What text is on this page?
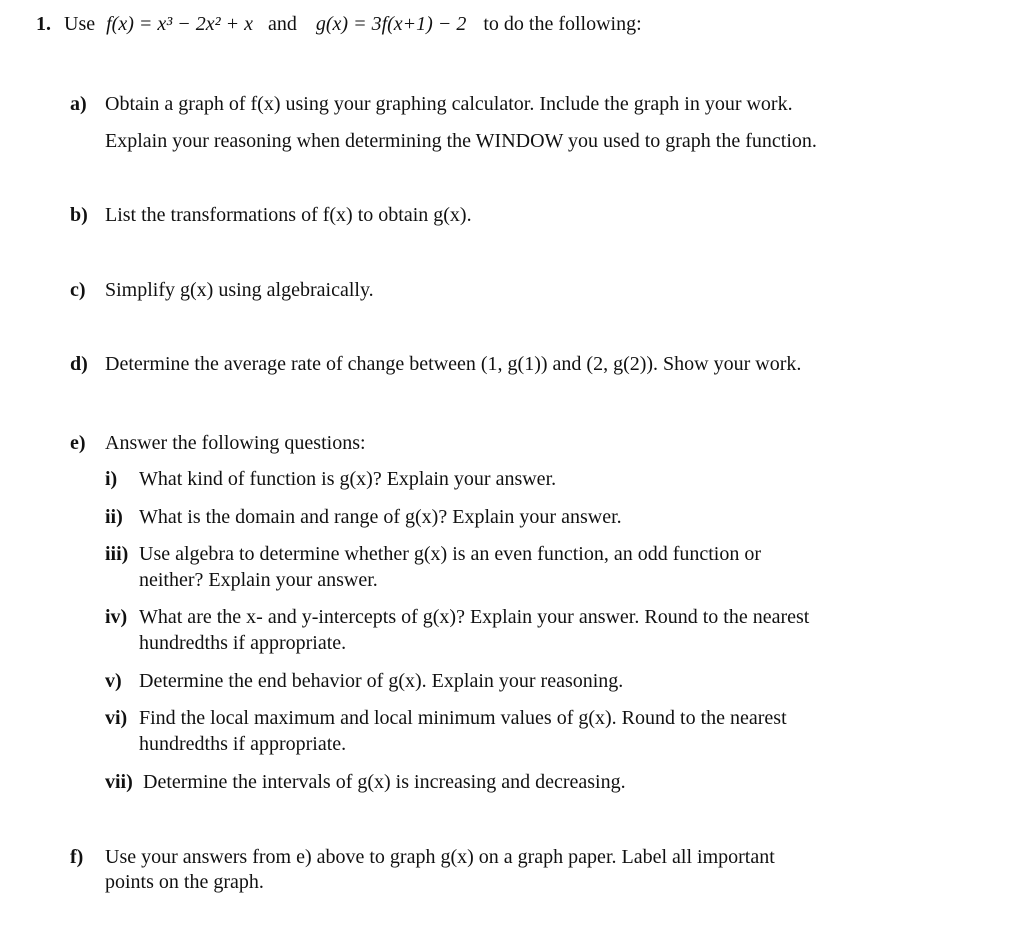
1. Use f(x) = x³ − 2x² + x and g(x) = 3f(x+1) − 2 to do the following:
a) Obtain a graph of f(x) using your graphing calculator. Include the graph in your work.
Explain your reasoning when determining the WINDOW you used to graph the function.
b) List the transformations of f(x) to obtain g(x).
c) Simplify g(x) using algebraically.
d) Determine the average rate of change between (1, g(1)) and (2, g(2)). Show your work.
e) Answer the following questions:
i) What kind of function is g(x)? Explain your answer.
ii) What is the domain and range of g(x)? Explain your answer.
iii) Use algebra to determine whether g(x) is an even function, an odd function or
neither? Explain your answer.
iv) What are the x- and y-intercepts of g(x)? Explain your answer. Round to the nearest
hundredths if appropriate.
v) Determine the end behavior of g(x). Explain your reasoning.
vi) Find the local maximum and local minimum values of g(x). Round to the nearest
hundredths if appropriate.
vii) Determine the intervals of g(x) is increasing and decreasing.
f) Use your answers from e) above to graph g(x) on a graph paper. Label all important
points on the graph.
